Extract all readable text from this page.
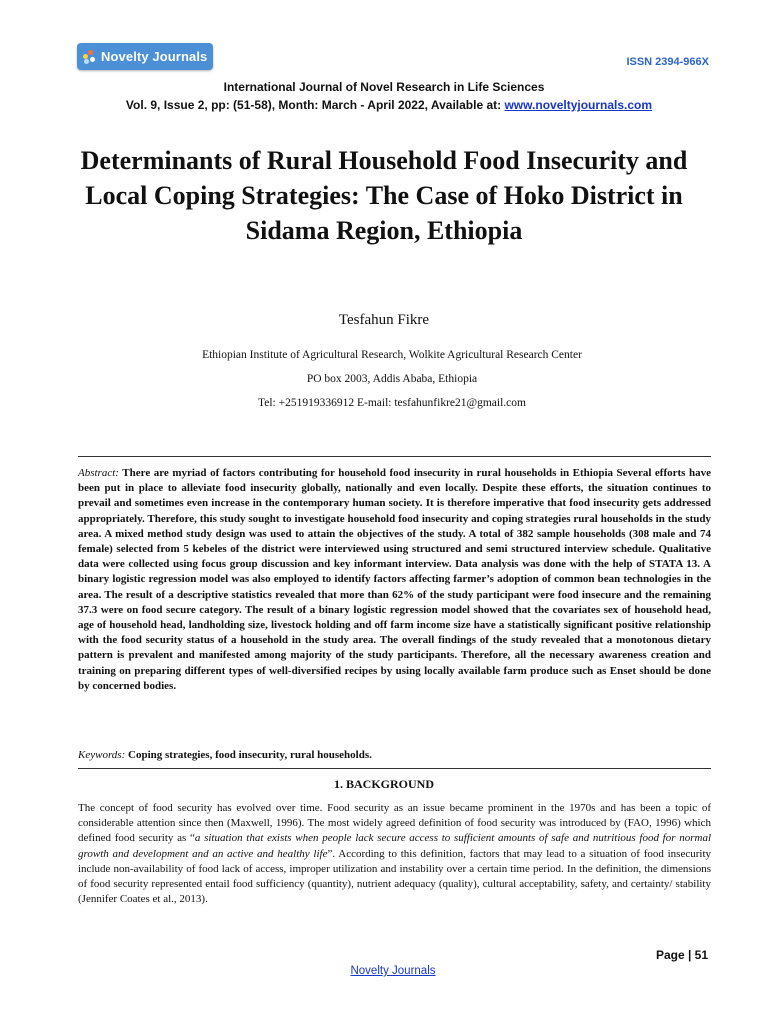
Novelty Journals	ISSN 2394-966X
International Journal of Novel Research in Life Sciences
Vol. 9, Issue 2, pp: (51-58), Month: March - April 2022, Available at: www.noveltyjournals.com
Determinants of Rural Household Food Insecurity and Local Coping Strategies: The Case of Hoko District in Sidama Region, Ethiopia
Tesfahun Fikre
Ethiopian Institute of Agricultural Research, Wolkite Agricultural Research Center
PO box 2003, Addis Ababa, Ethiopia
Tel: +251919336912 E-mail: tesfahunfikre21@gmail.com
Abstract: There are myriad of factors contributing for household food insecurity in rural households in Ethiopia Several efforts have been put in place to alleviate food insecurity globally, nationally and even locally. Despite these efforts, the situation continues to prevail and sometimes even increase in the contemporary human society. It is therefore imperative that food insecurity gets addressed appropriately. Therefore, this study sought to investigate household food insecurity and coping strategies rural households in the study area. A mixed method study design was used to attain the objectives of the study. A total of 382 sample households (308 male and 74 female) selected from 5 kebeles of the district were interviewed using structured and semi structured interview schedule. Qualitative data were collected using focus group discussion and key informant interview. Data analysis was done with the help of STATA 13. A binary logistic regression model was also employed to identify factors affecting farmer’s adoption of common bean technologies in the area. The result of a descriptive statistics revealed that more than 62% of the study participant were food insecure and the remaining 37.3 were on food secure category. The result of a binary logistic regression model showed that the covariates sex of household head, age of household head, landholding size, livestock holding and off farm income size have a statistically significant positive relationship with the food security status of a household in the study area. The overall findings of the study revealed that a monotonous dietary pattern is prevalent and manifested among majority of the study participants. Therefore, all the necessary awareness creation and training on preparing different types of well-diversified recipes by using locally available farm produce such as Enset should be done by concerned bodies.
Keywords: Coping strategies, food insecurity, rural households.
1. BACKGROUND
The concept of food security has evolved over time. Food security as an issue became prominent in the 1970s and has been a topic of considerable attention since then (Maxwell, 1996). The most widely agreed definition of food security was introduced by (FAO, 1996) which defined food security as “a situation that exists when people lack secure access to sufficient amounts of safe and nutritious food for normal growth and development and an active and healthy life”. According to this definition, factors that may lead to a situation of food insecurity include non-availability of food lack of access, improper utilization and instability over a certain time period. In the definition, the dimensions of food security represented entail food sufficiency (quantity), nutrient adequacy (quality), cultural acceptability, safety, and certainty/ stability (Jennifer Coates et al., 2013).
Page | 51
Novelty Journals
